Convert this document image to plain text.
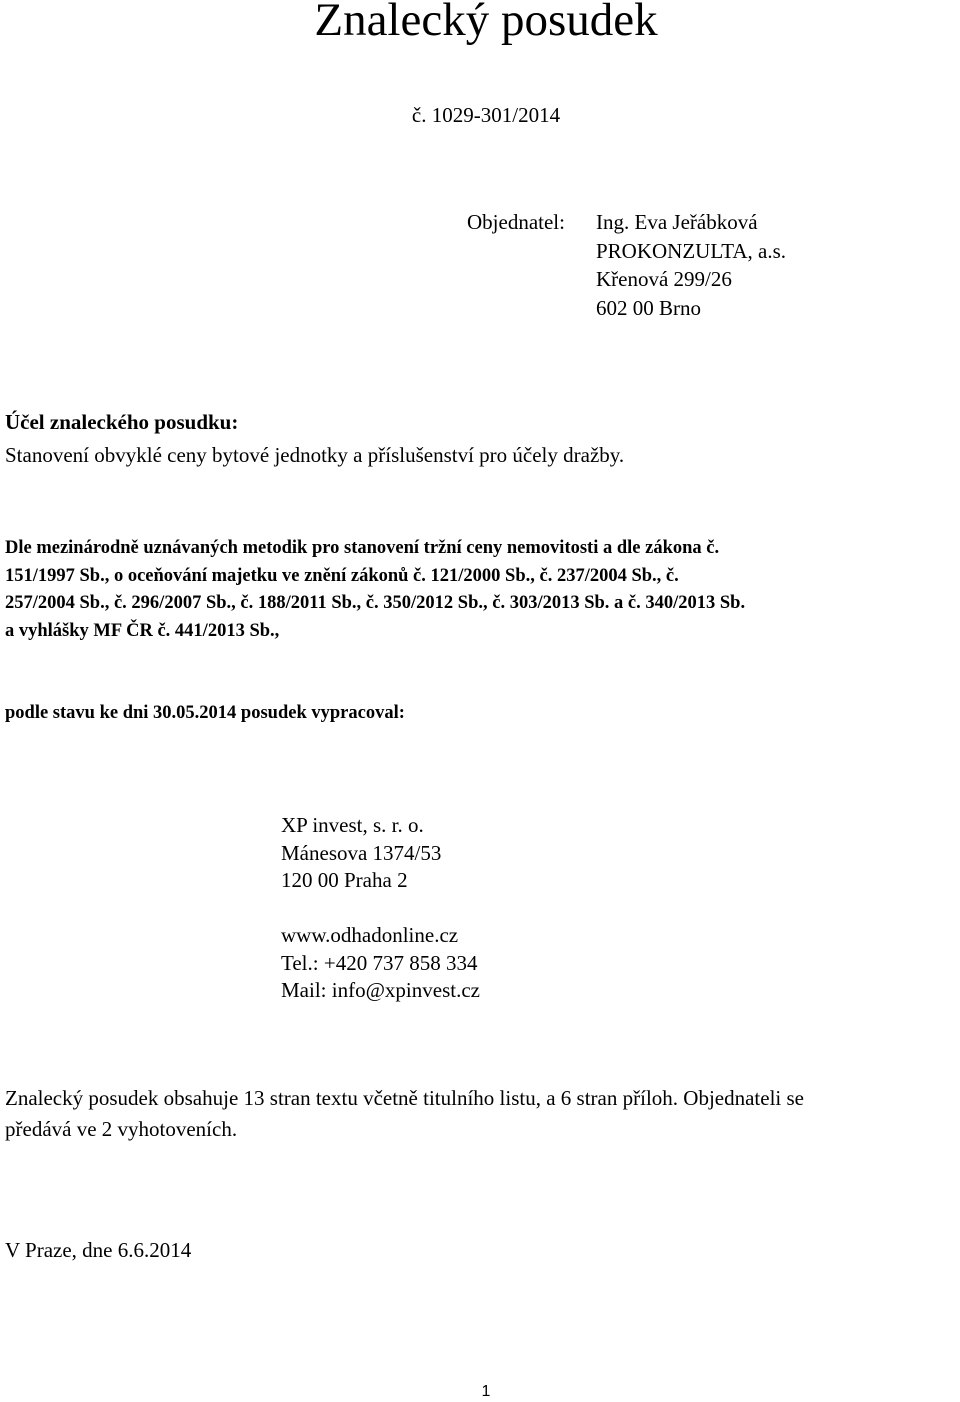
Znalecký posudek
č. 1029-301/2014
Objednatel: Ing. Eva Jeřábková
PROKONZULTA, a.s.
Křenová 299/26
602 00 Brno
Účel znaleckého posudku:
Stanovení obvyklé ceny bytové jednotky a příslušenství pro účely dražby.
Dle mezinárodně uznávaných metodik pro stanovení tržní ceny nemovitosti a dle zákona č.
151/1997 Sb., o oceňování majetku ve znění zákonů č. 121/2000 Sb., č. 237/2004 Sb., č.
257/2004 Sb., č. 296/2007 Sb., č. 188/2011 Sb., č. 350/2012 Sb., č. 303/2013 Sb. a č. 340/2013 Sb.
a vyhlášky MF ČR č. 441/2013 Sb.,
podle stavu ke dni 30.05.2014 posudek vypracoval:
XP invest, s. r. o.
Mánesova 1374/53
120 00 Praha 2
www.odhadonline.cz
Tel.: +420 737 858 334
Mail: info@xpinvest.cz
Znalecký posudek obsahuje 13 stran textu včetně titulního listu, a 6 stran příloh. Objednateli se
předává ve 2 vyhotoveních.
V Praze, dne 6.6.2014
1
